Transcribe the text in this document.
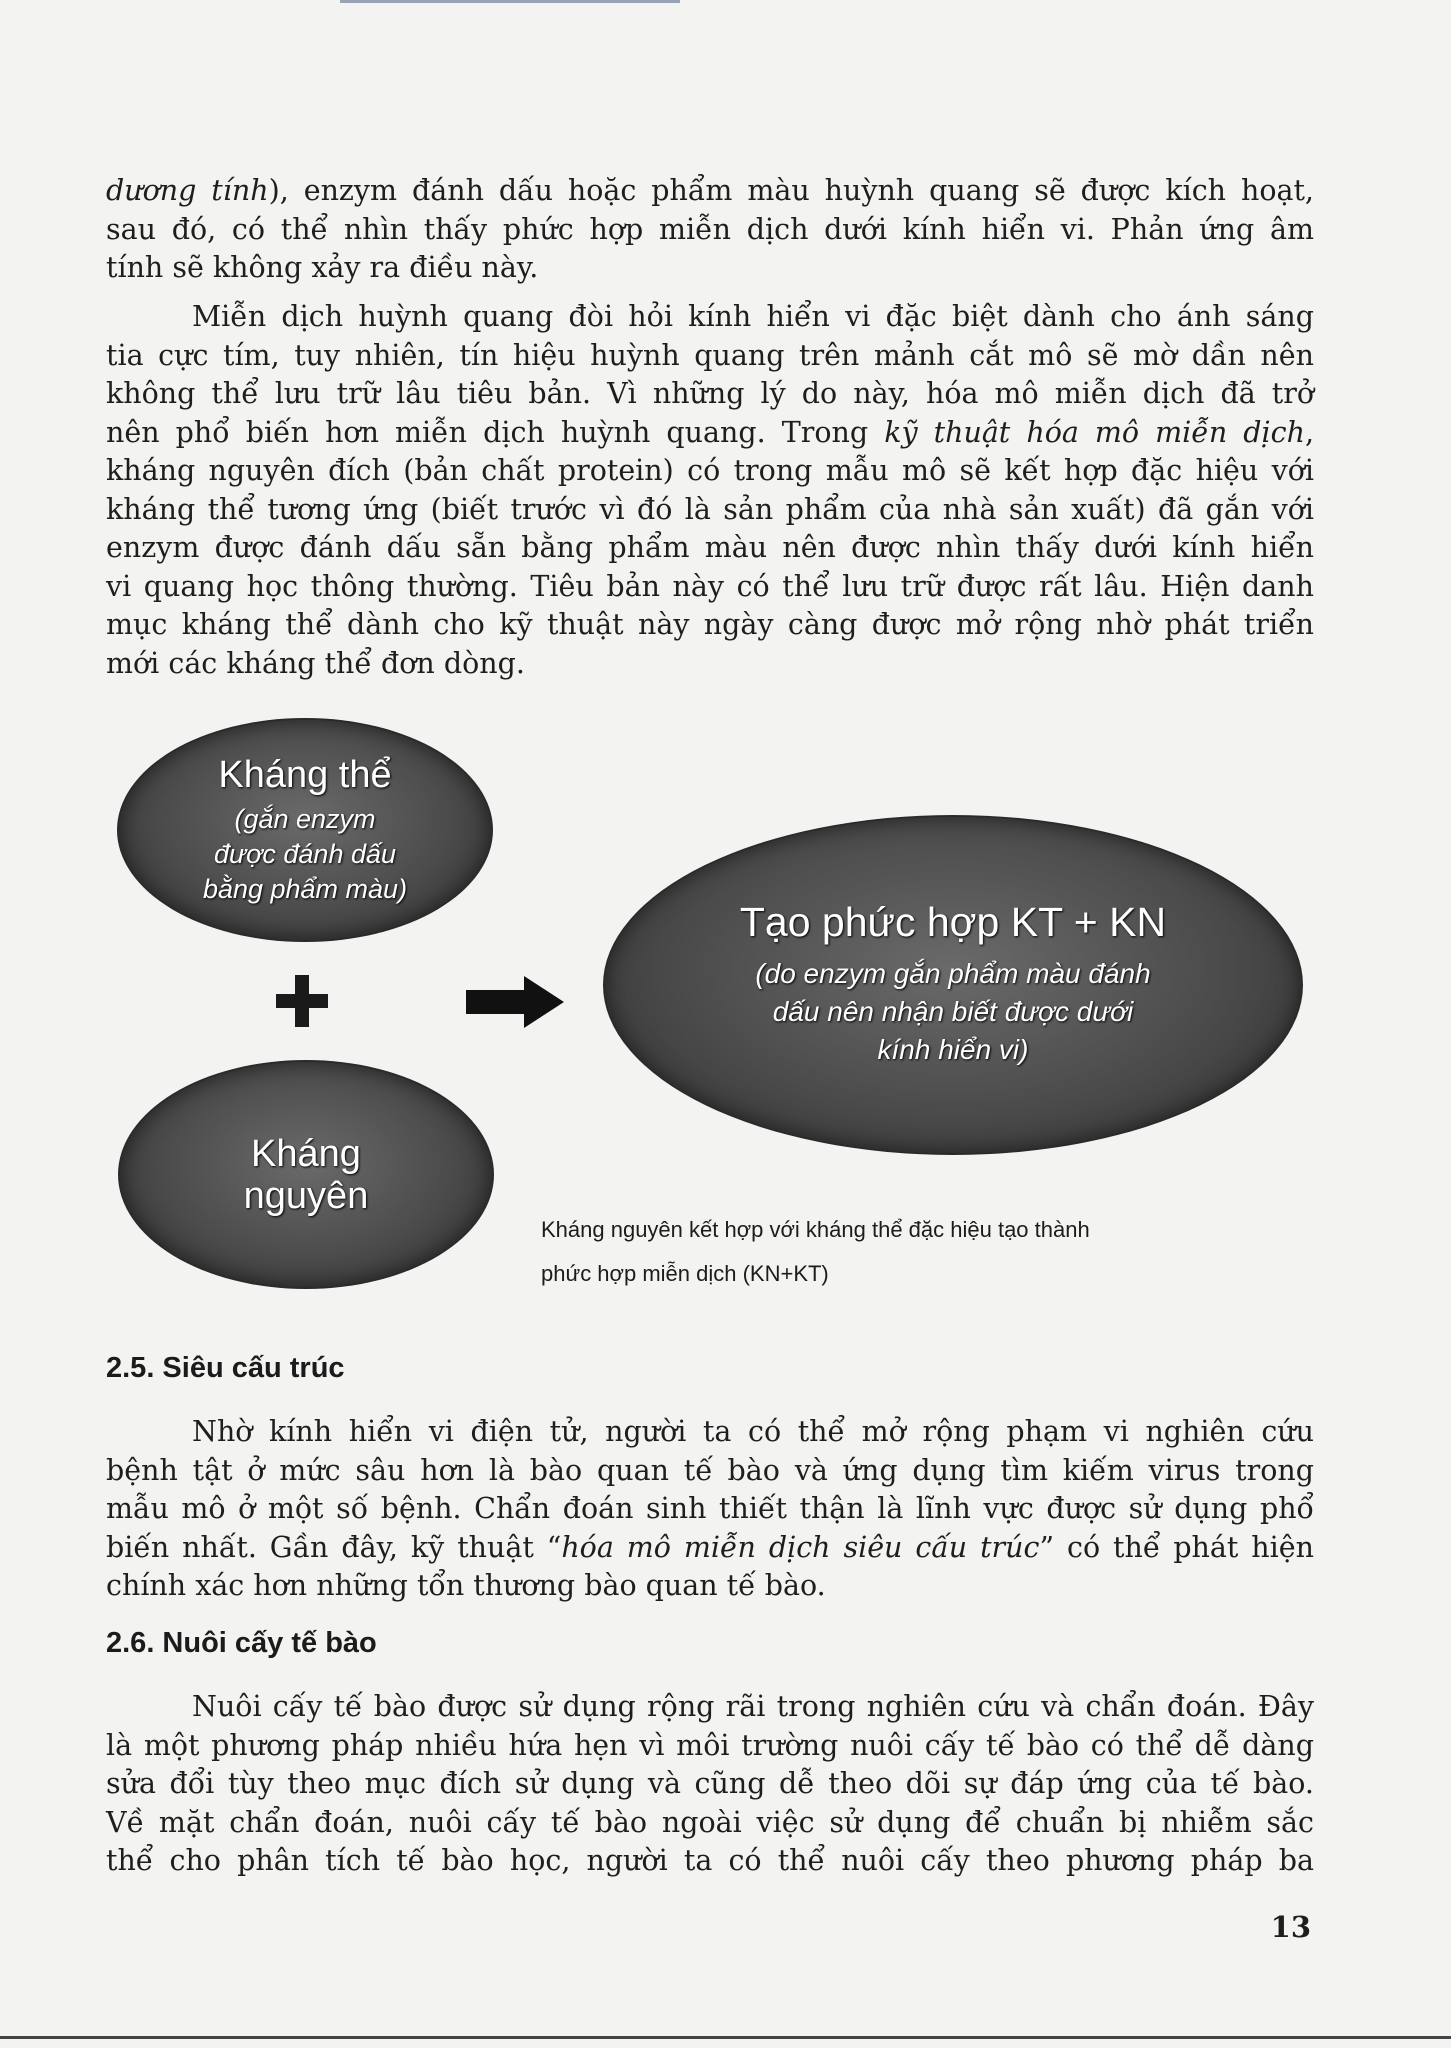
dương tính), enzym đánh dấu hoặc phẩm màu huỳnh quang sẽ được kích hoạt,
sau đó, có thể nhìn thấy phức hợp miễn dịch dưới kính hiển vi. Phản ứng âm
tính sẽ không xảy ra điều này.

Miễn dịch huỳnh quang đòi hỏi kính hiển vi đặc biệt dành cho ánh sáng
tia cực tím, tuy nhiên, tín hiệu huỳnh quang trên mảnh cắt mô sẽ mờ dần nên
không thể lưu trữ lâu tiêu bản. Vì những lý do này, hóa mô miễn dịch đã trở
nên phổ biến hơn miễn dịch huỳnh quang. Trong kỹ thuật hóa mô miễn dịch,
kháng nguyên đích (bản chất protein) có trong mẫu mô sẽ kết hợp đặc hiệu với
kháng thể tương ứng (biết trước vì đó là sản phẩm của nhà sản xuất) đã gắn với
enzym được đánh dấu sẵn bằng phẩm màu nên được nhìn thấy dưới kính hiển
vi quang học thông thường. Tiêu bản này có thể lưu trữ được rất lâu. Hiện danh
mục kháng thể dành cho kỹ thuật này ngày càng được mở rộng nhờ phát triển
mới các kháng thể đơn dòng.

Kháng thể
(gắn enzym
được đánh dấu
bằng phẩm màu)
Kháng
nguyên
Tạo phức hợp KT + KN
(do enzym gắn phẩm màu đánh
dấu nên nhận biết được dưới
kính hiển vi)
Kháng nguyên kết hợp với kháng thể đặc hiệu tạo thành
phức hợp miễn dịch (KN+KT)
2.5. Siêu cấu trúc

Nhờ kính hiển vi điện tử, người ta có thể mở rộng phạm vi nghiên cứu
bệnh tật ở mức sâu hơn là bào quan tế bào và ứng dụng tìm kiếm virus trong
mẫu mô ở một số bệnh. Chẩn đoán sinh thiết thận là lĩnh vực được sử dụng phổ
biến nhất. Gần đây, kỹ thuật “hóa mô miễn dịch siêu cấu trúc” có thể phát hiện
chính xác hơn những tổn thương bào quan tế bào.

2.6. Nuôi cấy tế bào

Nuôi cấy tế bào được sử dụng rộng rãi trong nghiên cứu và chẩn đoán. Đây
là một phương pháp nhiều hứa hẹn vì môi trường nuôi cấy tế bào có thể dễ dàng
sửa đổi tùy theo mục đích sử dụng và cũng dễ theo dõi sự đáp ứng của tế bào.
Về mặt chẩn đoán, nuôi cấy tế bào ngoài việc sử dụng để chuẩn bị nhiễm sắc
thể cho phân tích tế bào học, người ta có thể nuôi cấy theo phương pháp ba

13
